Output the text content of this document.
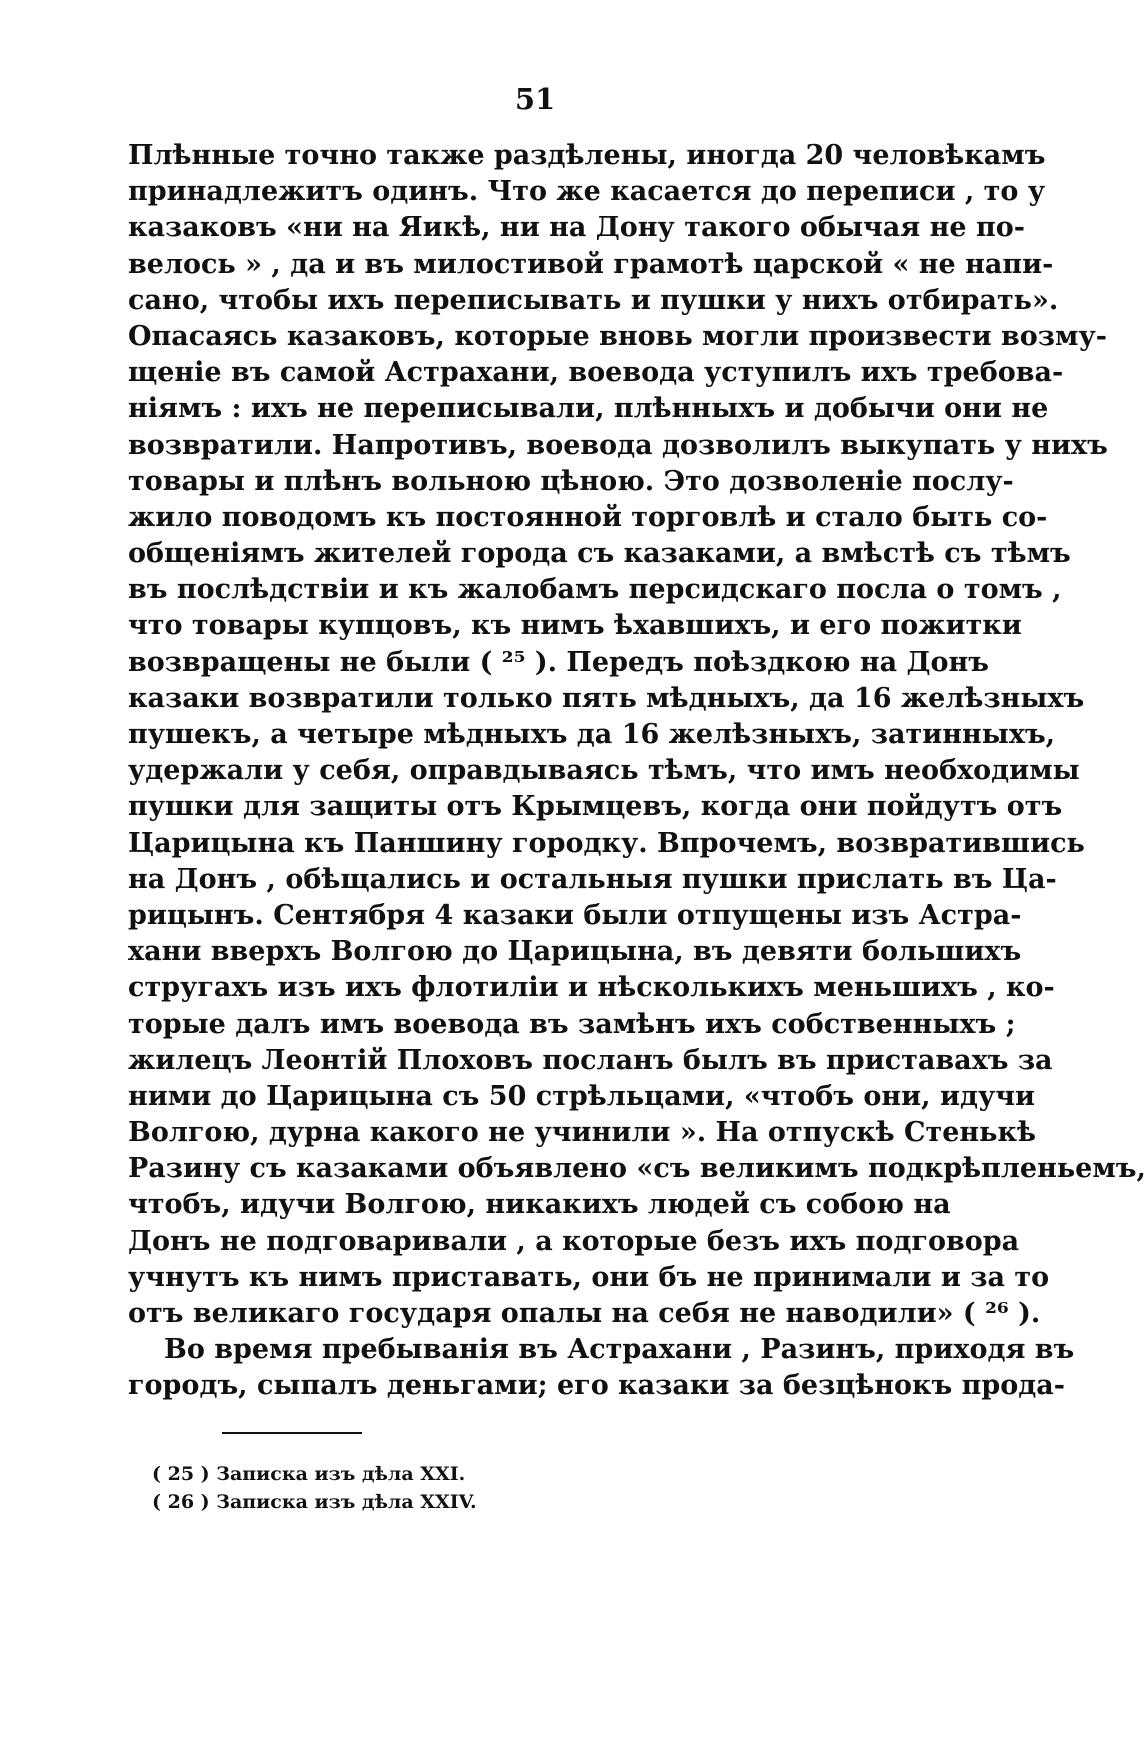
51
Плѣнные точно также раздѣлены, иногда 20 человѣкамъ
принадлежитъ одинъ. Что же касается до переписи , то у
казаковъ «ни на Яикѣ, ни на Дону такого обычая не по-
велось » , да и въ милостивой грамотѣ царской « не напи-
сано, чтобы ихъ переписывать и пушки у нихъ отбирать».
Опасаясь казаковъ, которые вновь могли произвести возму-
щеніе въ самой Астрахани, воевода уступилъ ихъ требова-
ніямъ : ихъ не переписывали, плѣнныхъ и добычи они не
возвратили. Напротивъ, воевода дозволилъ выкупать у нихъ
товары и плѣнъ вольною цѣною. Это дозволеніе послу-
жило поводомъ къ постоянной торговлѣ и стало быть со-
общеніямъ жителей города съ казаками, а вмѣстѣ съ тѣмъ
въ послѣдствіи и къ жалобамъ персидскаго посла о томъ ,
что товары купцовъ, къ нимъ ѣхавшихъ, и его пожитки
возвращены не были ( ²⁵ ). Передъ поѣздкою на Донъ
казаки возвратили только пять мѣдныхъ, да 16 желѣзныхъ
пушекъ, а четыре мѣдныхъ да 16 желѣзныхъ, затинныхъ,
удержали у себя, оправдываясь тѣмъ, что имъ необходимы
пушки для защиты отъ Крымцевъ, когда они пойдутъ отъ
Царицына къ Паншину городку. Впрочемъ, возвратившись
на Донъ , обѣщались и остальныя пушки прислать въ Ца-
рицынъ. Сентября 4 казаки были отпущены изъ Астра-
хани вверхъ Волгою до Царицына, въ девяти большихъ
стругахъ изъ ихъ флотиліи и нѣсколькихъ меньшихъ , ко-
торые далъ имъ воевода въ замѣнъ ихъ собственныхъ ;
жилецъ Леонтій Плоховъ посланъ былъ въ приставахъ за
ними до Царицына съ 50 стрѣльцами, «чтобъ они, идучи
Волгою, дурна какого не учинили ». На отпускѣ Стенькѣ
Разину съ казаками объявлено «съ великимъ подкрѣпленьемъ,
чтобъ, идучи Волгою, никакихъ людей съ собою на
Донъ не подговаривали , а которые безъ ихъ подговора
учнутъ къ нимъ приставать, они бъ не принимали и за то
отъ великаго государя опалы на себя не наводили» ( ²⁶ ).
Во время пребыванія въ Астрахани , Разинъ, приходя въ
городъ, сыпалъ деньгами; его казаки за безцѣнокъ прода-
( 25 ) Записка изъ дѣла XXI.
( 26 ) Записка изъ дѣла XXIV.
